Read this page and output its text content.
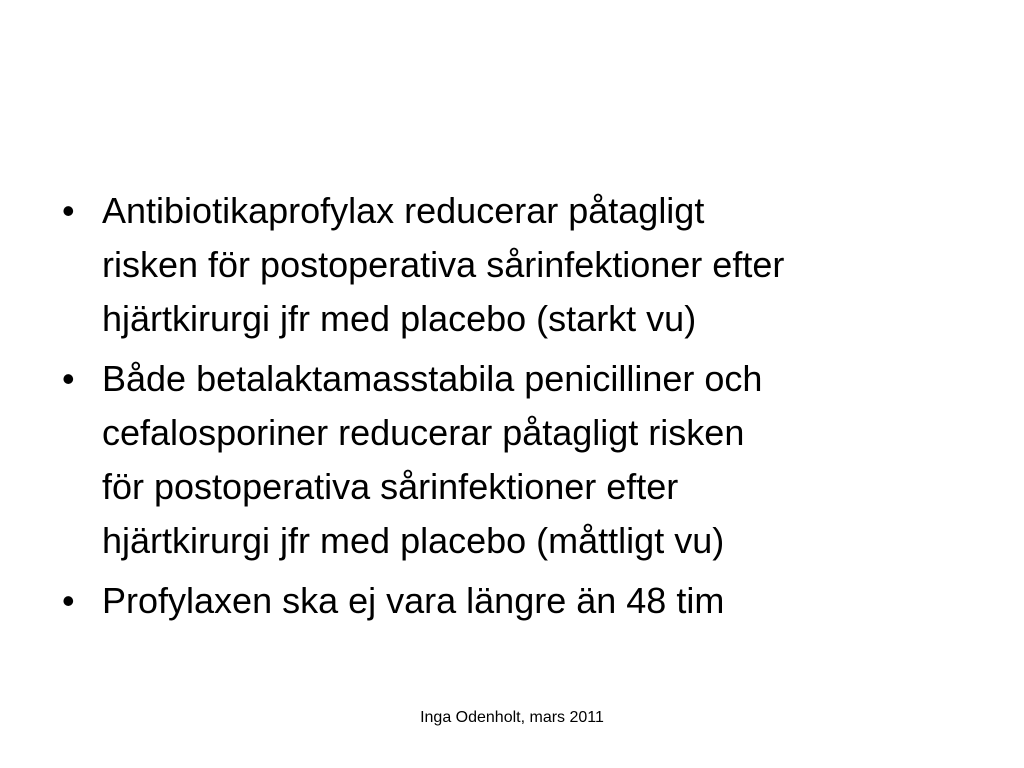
• Antibiotikaprofylax reducerar påtagligt
risken för postoperativa sårinfektioner efter
hjärtkirurgi jfr med placebo (starkt vu)
• Både betalaktamasstabila penicilliner och
cefalosporiner reducerar påtagligt risken
för postoperativa sårinfektioner efter
hjärtkirurgi jfr med placebo (måttligt vu)
• Profylaxen ska ej vara längre än 48 tim
Inga Odenholt, mars 2011
